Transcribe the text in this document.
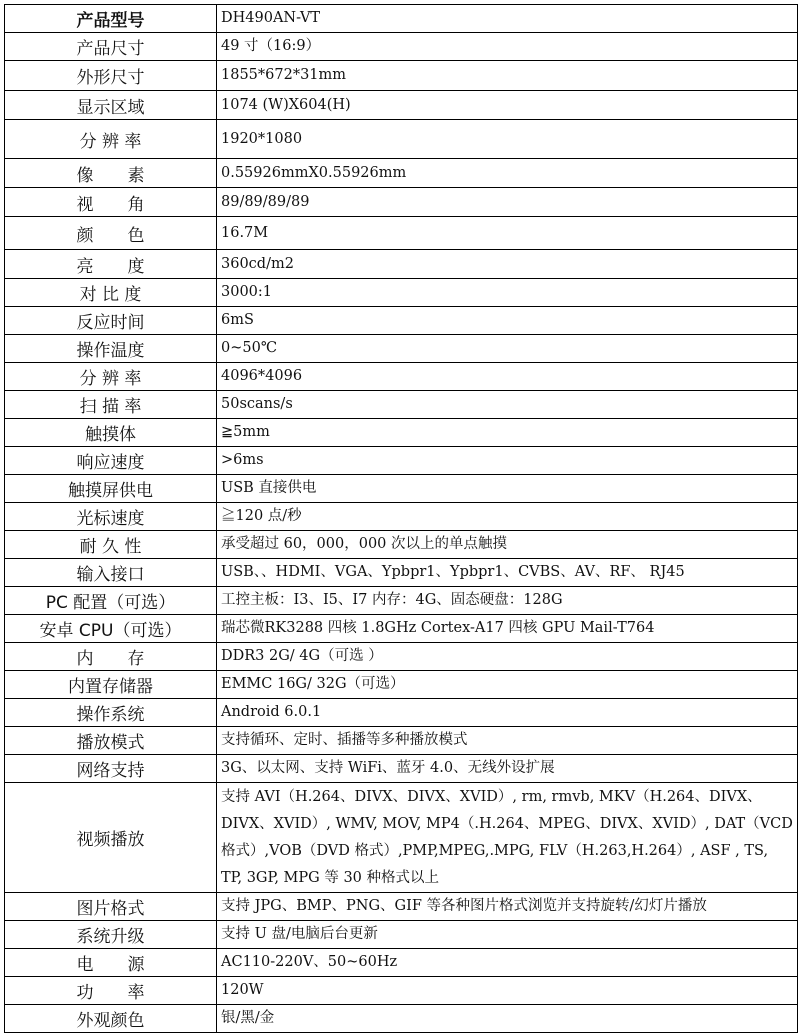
产品型号	DH490AN-VT
产品尺寸	49 寸（16:9）
外形尺寸	1855*672*31mm
显示区域	1074 (W)X604(H)
分 辨 率	1920*1080
像　　素	0.55926mmX0.55926mm
视　　角	89/89/89/89
颜　　色	16.7M
亮　　度	360cd/m2
对 比 度	3000:1
反应时间	6mS
操作温度	0~50℃
分 辨 率	4096*4096
扫 描 率	50scans/s
触摸体	≧5mm
响应速度	>6ms
触摸屏供电	USB 直接供电
光标速度	≧120 点/秒
耐 久 性	承受超过 60，000，000 次以上的单点触摸
输入接口	USB、、HDMI、VGA、Ypbpr1、Ypbpr1、CVBS、AV、RF、 RJ45
PC 配置（可选）	工控主板：I3、I5、I7 内存：4G、固态硬盘：128G
安卓 CPU（可选）	瑞芯微RK3288 四核 1.8GHz Cortex-A17 四核 GPU Mail-T764
内　　存	DDR3 2G/ 4G（可选 ）
内置存储器	EMMC 16G/ 32G（可选）
操作系统	Android 6.0.1
播放模式	支持循环、定时、插播等多种播放模式
网络支持	3G、以太网、支持 WiFi、蓝牙 4.0、无线外设扩展
视频播放	支持 AVI（H.264、DIVX、DIVX、XVID）, rm, rmvb, MKV（H.264、DIVX、DIVX、XVID）, WMV, MOV, MP4（.H.264、MPEG、DIVX、XVID）, DAT（VCD 格式）,VOB（DVD 格式）,PMP,MPEG,.MPG, FLV（H.263,H.264）, ASF , TS, TP, 3GP, MPG 等 30 种格式以上
图片格式	支持 JPG、BMP、PNG、GIF 等各种图片格式浏览并支持旋转/幻灯片播放
系统升级	支持 U 盘/电脑后台更新
电　　源	AC110-220V、50~60Hz
功　　率	120W
外观颜色	银/黑/金
